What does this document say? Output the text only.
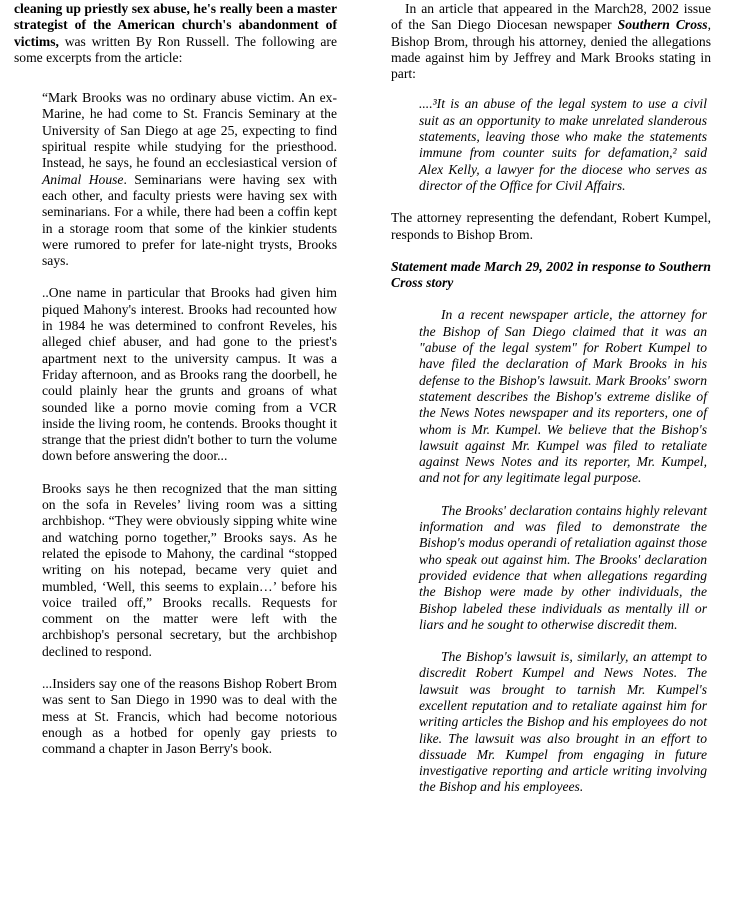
cleaning up priestly sex abuse, he's really been a master strategist of the American church's abandonment of victims, was written By Ron Russell. The following are some excerpts from the article:

“Mark Brooks was no ordinary abuse victim. An ex-Marine, he had come to St. Francis Seminary at the University of San Diego at age 25, expecting to find spiritual respite while studying for the priesthood. Instead, he says, he found an ecclesiastical version of Animal House. Seminarians were having sex with each other, and faculty priests were having sex with seminarians. For a while, there had been a coffin kept in a storage room that some of the kinkier students were rumored to prefer for late-night trysts, Brooks says.

..One name in particular that Brooks had given him piqued Mahony's interest. Brooks had recounted how in 1984 he was determined to confront Reveles, his alleged chief abuser, and had gone to the priest's apartment next to the university campus. It was a Friday afternoon, and as Brooks rang the doorbell, he could plainly hear the grunts and groans of what sounded like a porno movie coming from a VCR inside the living room, he contends. Brooks thought it strange that the priest didn't bother to turn the volume down before answering the door...

Brooks says he then recognized that the man sitting on the sofa in Reveles’ living room was a sitting archbishop. “They were obviously sipping white wine and watching porno together,” Brooks says. As he related the episode to Mahony, the cardinal “stopped writing on his notepad, became very quiet and mumbled, ‘Well, this seems to explain…’ before his voice trailed off,” Brooks recalls. Requests for comment on the matter were left with the archbishop's personal secretary, but the archbishop declined to respond.

...Insiders say one of the reasons Bishop Robert Brom was sent to San Diego in 1990 was to deal with the mess at St. Francis, which had become notorious enough as a hotbed for openly gay priests to command a chapter in Jason Berry's book.

In an article that appeared in the March28, 2002 issue of the San Diego Diocesan newspaper Southern Cross, Bishop Brom, through his attorney, denied the allegations made against him by Jeffrey and Mark Brooks stating in part:

....³It is an abuse of the legal system to use a civil suit as an opportunity to make unrelated slanderous statements, leaving those who make the statements immune from counter suits for defamation,² said Alex Kelly, a lawyer for the diocese who serves as director of the Office for Civil Affairs.

The attorney representing the defendant, Robert Kumpel, responds to Bishop Brom.

Statement made March 29, 2002 in response to Southern Cross story

In a recent newspaper article, the attorney for the Bishop of San Diego claimed that it was an "abuse of the legal system" for Robert Kumpel to have filed the declaration of Mark Brooks in his defense to the Bishop's lawsuit. Mark Brooks' sworn statement describes the Bishop's extreme dislike of the News Notes newspaper and its reporters, one of whom is Mr. Kumpel. We believe that the Bishop's lawsuit against Mr. Kumpel was filed to retaliate against News Notes and its reporter, Mr. Kumpel, and not for any legitimate legal purpose.

The Brooks' declaration contains highly relevant information and was filed to demonstrate the Bishop's modus operandi of retaliation against those who speak out against him. The Brooks' declaration provided evidence that when allegations regarding the Bishop were made by other individuals, the Bishop labeled these individuals as mentally ill or liars and he sought to otherwise discredit them.

The Bishop's lawsuit is, similarly, an attempt to discredit Robert Kumpel and News Notes. The lawsuit was brought to tarnish Mr. Kumpel's excellent reputation and to retaliate against him for writing articles the Bishop and his employees do not like. The lawsuit was also brought in an effort to dissuade Mr. Kumpel from engaging in future investigative reporting and article writing involving the Bishop and his employees.
